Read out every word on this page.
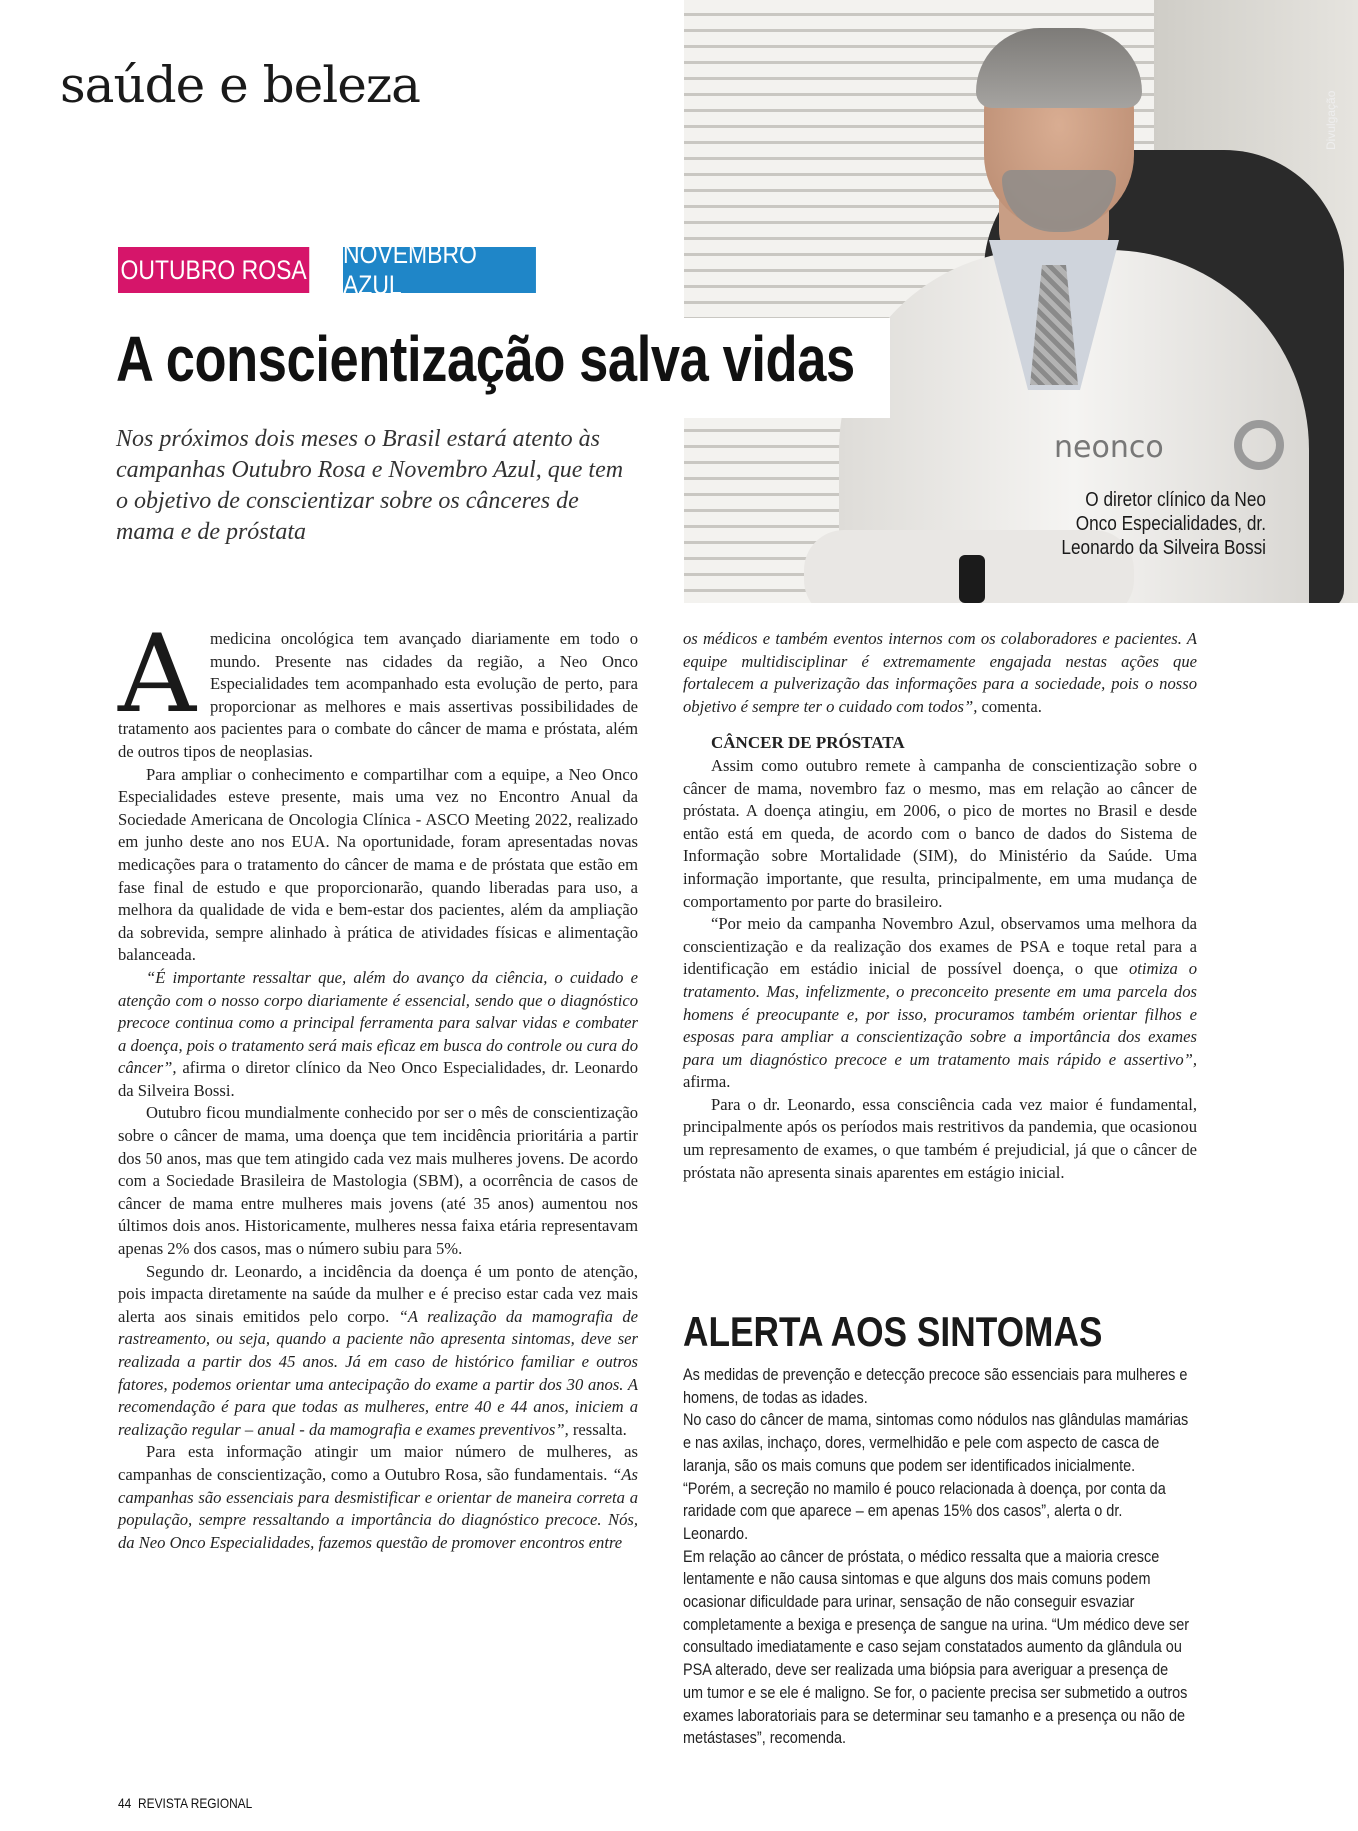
saúde e beleza
OUTUBRO ROSA
NOVEMBRO AZUL
neonco
Divulgação
O diretor clínico da Neo Onco Especialidades, dr. Leonardo da Silveira Bossi
A conscientização salva vidas
Nos próximos dois meses o Brasil estará atento às campanhas Outubro Rosa e Novembro Azul, que tem o objetivo de conscientizar sobre os cânceres de mama e de próstata

Amedicina oncológica tem avançado diariamente em todo o mundo. Presente nas cidades da região, a Neo Onco Especialidades tem acompanhado esta evolução de perto, para proporcionar as melhores e mais assertivas possibilidades de tratamento aos pacientes para o combate do câncer de mama e próstata, além de outros tipos de neoplasias.

Para ampliar o conhecimento e compartilhar com a equipe, a Neo Onco Especialidades esteve presente, mais uma vez no Encontro Anual da Sociedade Americana de Oncologia Clínica - ASCO Meeting 2022, realizado em junho deste ano nos EUA. Na oportunidade, foram apresentadas novas medicações para o tratamento do câncer de mama e de próstata que estão em fase final de estudo e que proporcionarão, quando liberadas para uso, a melhora da qualidade de vida e bem-estar dos pacientes, além da ampliação da sobrevida, sempre alinhado à prática de atividades físicas e alimentação balanceada.

“É importante ressaltar que, além do avanço da ciência, o cuidado e atenção com o nosso corpo diariamente é essencial, sendo que o diagnóstico precoce continua como a principal ferramenta para salvar vidas e combater a doença, pois o tratamento será mais eficaz em busca do controle ou cura do câncer”, afirma o diretor clínico da Neo Onco Especialidades, dr. Leonardo da Silveira Bossi.

Outubro ficou mundialmente conhecido por ser o mês de conscientização sobre o câncer de mama, uma doença que tem incidência prioritária a partir dos 50 anos, mas que tem atingido cada vez mais mulheres jovens. De acordo com a Sociedade Brasileira de Mastologia (SBM), a ocorrência de casos de câncer de mama entre mulheres mais jovens (até 35 anos) aumentou nos últimos dois anos. Historicamente, mulheres nessa faixa etária representavam apenas 2% dos casos, mas o número subiu para 5%.

Segundo dr. Leonardo, a incidência da doença é um ponto de atenção, pois impacta diretamente na saúde da mulher e é preciso estar cada vez mais alerta aos sinais emitidos pelo corpo. “A realização da mamografia de rastreamento, ou seja, quando a paciente não apresenta sintomas, deve ser realizada a partir dos 45 anos. Já em caso de histórico familiar e outros fatores, podemos orientar uma antecipação do exame a partir dos 30 anos. A recomendação é para que todas as mulheres, entre 40 e 44 anos, iniciem a realização regular – anual - da mamografia e exames preventivos”, ressalta.

Para esta informação atingir um maior número de mulheres, as campanhas de conscientização, como a Outubro Rosa, são fundamentais. “As campanhas são essenciais para desmistificar e orientar de maneira correta a população, sempre ressaltando a importância do diagnóstico precoce. Nós, da Neo Onco Especialidades, fazemos questão de promover encontros entre

os médicos e também eventos internos com os colaboradores e pacientes. A equipe multidisciplinar é extremamente engajada nestas ações que fortalecem a pulverização das informações para a sociedade, pois o nosso objetivo é sempre ter o cuidado com todos”, comenta.

CÂNCER DE PRÓSTATA

Assim como outubro remete à campanha de conscientização sobre o câncer de mama, novembro faz o mesmo, mas em relação ao câncer de próstata. A doença atingiu, em 2006, o pico de mortes no Brasil e desde então está em queda, de acordo com o banco de dados do Sistema de Informação sobre Mortalidade (SIM), do Ministério da Saúde. Uma informação importante, que resulta, principalmente, em uma mudança de comportamento por parte do brasileiro.

“Por meio da campanha Novembro Azul, observamos uma melhora da conscientização e da realização dos exames de PSA e toque retal para a identificação em estádio inicial de possível doença, o que otimiza o tratamento. Mas, infelizmente, o preconceito presente em uma parcela dos homens é preocupante e, por isso, procuramos também orientar filhos e esposas para ampliar a conscientização sobre a importância dos exames para um diagnóstico precoce e um tratamento mais rápido e assertivo”, afirma.

Para o dr. Leonardo, essa consciência cada vez maior é fundamental, principalmente após os períodos mais restritivos da pandemia, que ocasionou um represamento de exames, o que também é prejudicial, já que o câncer de próstata não apresenta sinais aparentes em estágio inicial.

ALERTA AOS SINTOMAS

As medidas de prevenção e detecção precoce são essenciais para mulheres e homens, de todas as idades.

No caso do câncer de mama, sintomas como nódulos nas glândulas mamárias e nas axilas, inchaço, dores, vermelhidão e pele com aspecto de casca de laranja, são os mais comuns que podem ser identificados inicialmente. “Porém, a secreção no mamilo é pouco relacionada à doença, por conta da raridade com que aparece – em apenas 15% dos casos”, alerta o dr. Leonardo.

Em relação ao câncer de próstata, o médico ressalta que a maioria cresce lentamente e não causa sintomas e que alguns dos mais comuns podem ocasionar dificuldade para urinar, sensação de não conseguir esvaziar completamente a bexiga e presença de sangue na urina. “Um médico deve ser consultado imediatamente e caso sejam constatados aumento da glândula ou PSA alterado, deve ser realizada uma biópsia para averiguar a presença de um tumor e se ele é maligno. Se for, o paciente precisa ser submetido a outros exames laboratoriais para se determinar seu tamanho e a presença ou não de metástases”, recomenda.

44 REVISTA REGIONAL
